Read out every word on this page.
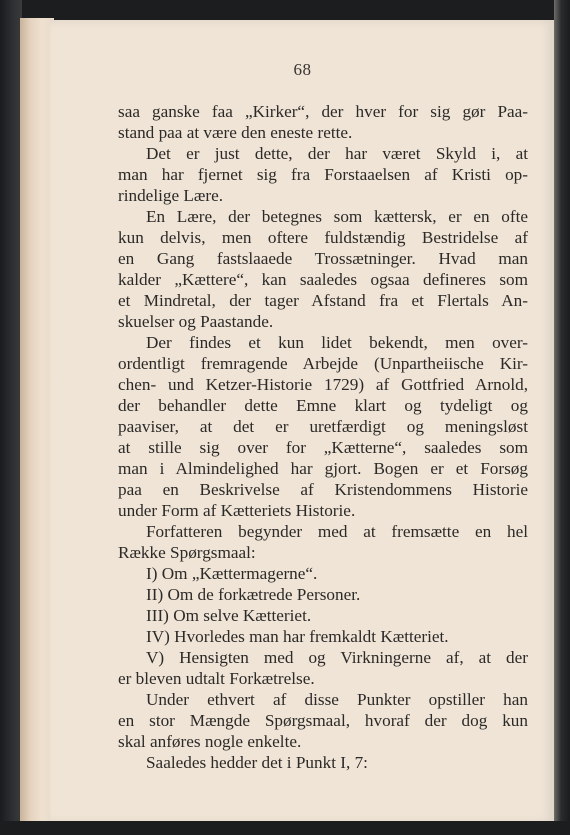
68
saa ganske faa „Kirker“, der hver for sig gør Paa-
stand paa at være den eneste rette.
Det er just dette, der har været Skyld i, at
man har fjernet sig fra Forstaaelsen af Kristi op-
rindelige Lære.
En Lære, der betegnes som kættersk, er en ofte
kun delvis, men oftere fuldstændig Bestridelse af
en Gang fastslaaede Trossætninger. Hvad man
kalder „Kættere“, kan saaledes ogsaa defineres som
et Mindretal, der tager Afstand fra et Flertals An-
skuelser og Paastande.
Der findes et kun lidet bekendt, men over-
ordentligt fremragende Arbejde (Unpartheiische Kir-
chen- und Ketzer-Historie 1729) af Gottfried Arnold,
der behandler dette Emne klart og tydeligt og
paaviser, at det er uretfærdigt og meningsløst
at stille sig over for „Kætterne“, saaledes som
man i Almindelighed har gjort. Bogen er et Forsøg
paa en Beskrivelse af Kristendommens Historie
under Form af Kætteriets Historie.
Forfatteren begynder med at fremsætte en hel
Række Spørgsmaal:
I) Om „Kættermagerne“.
II) Om de forkætrede Personer.
III) Om selve Kætteriet.
IV) Hvorledes man har fremkaldt Kætteriet.
V) Hensigten med og Virkningerne af, at der
er bleven udtalt Forkætrelse.
Under ethvert af disse Punkter opstiller han
en stor Mængde Spørgsmaal, hvoraf der dog kun
skal anføres nogle enkelte.
Saaledes hedder det i Punkt I, 7:
